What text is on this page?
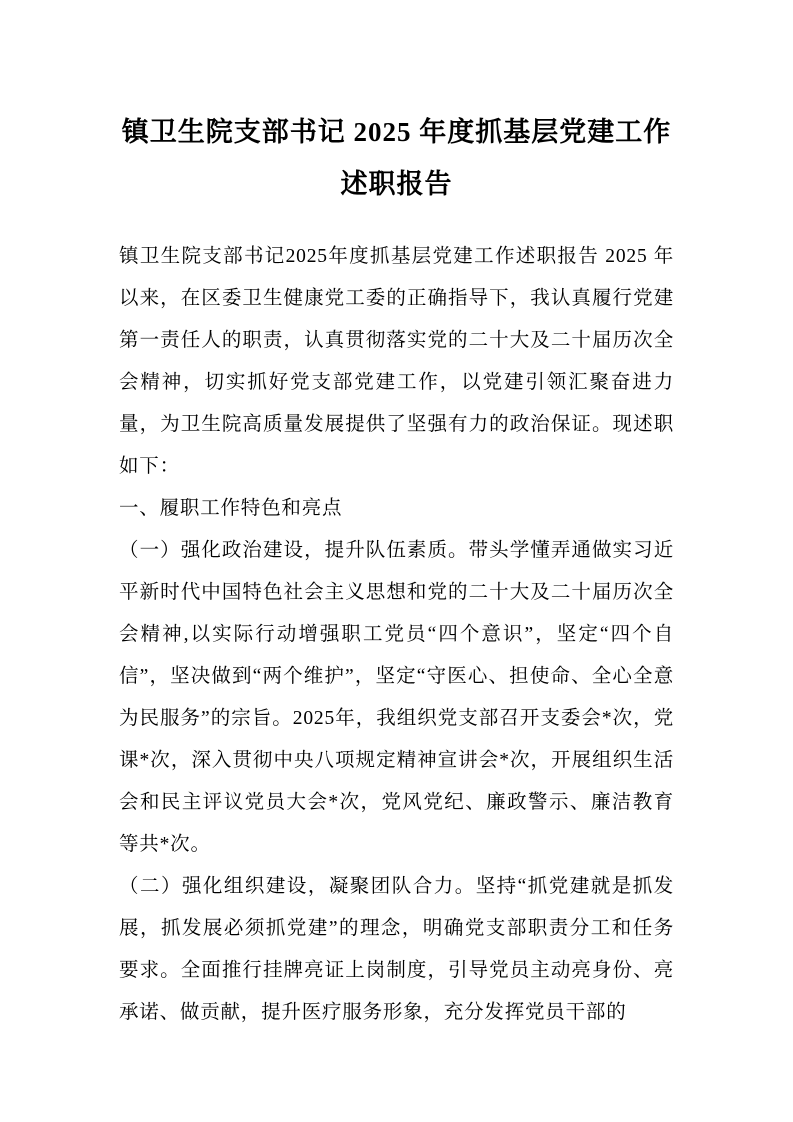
镇卫生院支部书记 2025 年度抓基层党建工作述职报告

镇卫生院支部书记2025年度抓基层党建工作述职报告 2025 年以来，在区委卫生健康党工委的正确指导下，我认真履行党建第一责任人的职责，认真贯彻落实党的二十大及二十届历次全会精神，切实抓好党支部党建工作，以党建引领汇聚奋进力量，为卫生院高质量发展提供了坚强有力的政治保证。现述职如下：

一、履职工作特色和亮点

（一）强化政治建设，提升队伍素质。带头学懂弄通做实习近平新时代中国特色社会主义思想和党的二十大及二十届历次全会精神,以实际行动增强职工党员“四个意识”，坚定“四个自信”，坚决做到“两个维护”，坚定“守医心、担使命、全心全意为民服务”的宗旨。2025年，我组织党支部召开支委会*次，党课*次，深入贯彻中央八项规定精神宣讲会*次，开展组织生活会和民主评议党员大会*次，党风党纪、廉政警示、廉洁教育等共*次。

（二）强化组织建设，凝聚团队合力。坚持“抓党建就是抓发展，抓发展必须抓党建”的理念，明确党支部职责分工和任务要求。全面推行挂牌亮证上岗制度，引导党员主动亮身份、亮承诺、做贡献，提升医疗服务形象，充分发挥党员干部的
